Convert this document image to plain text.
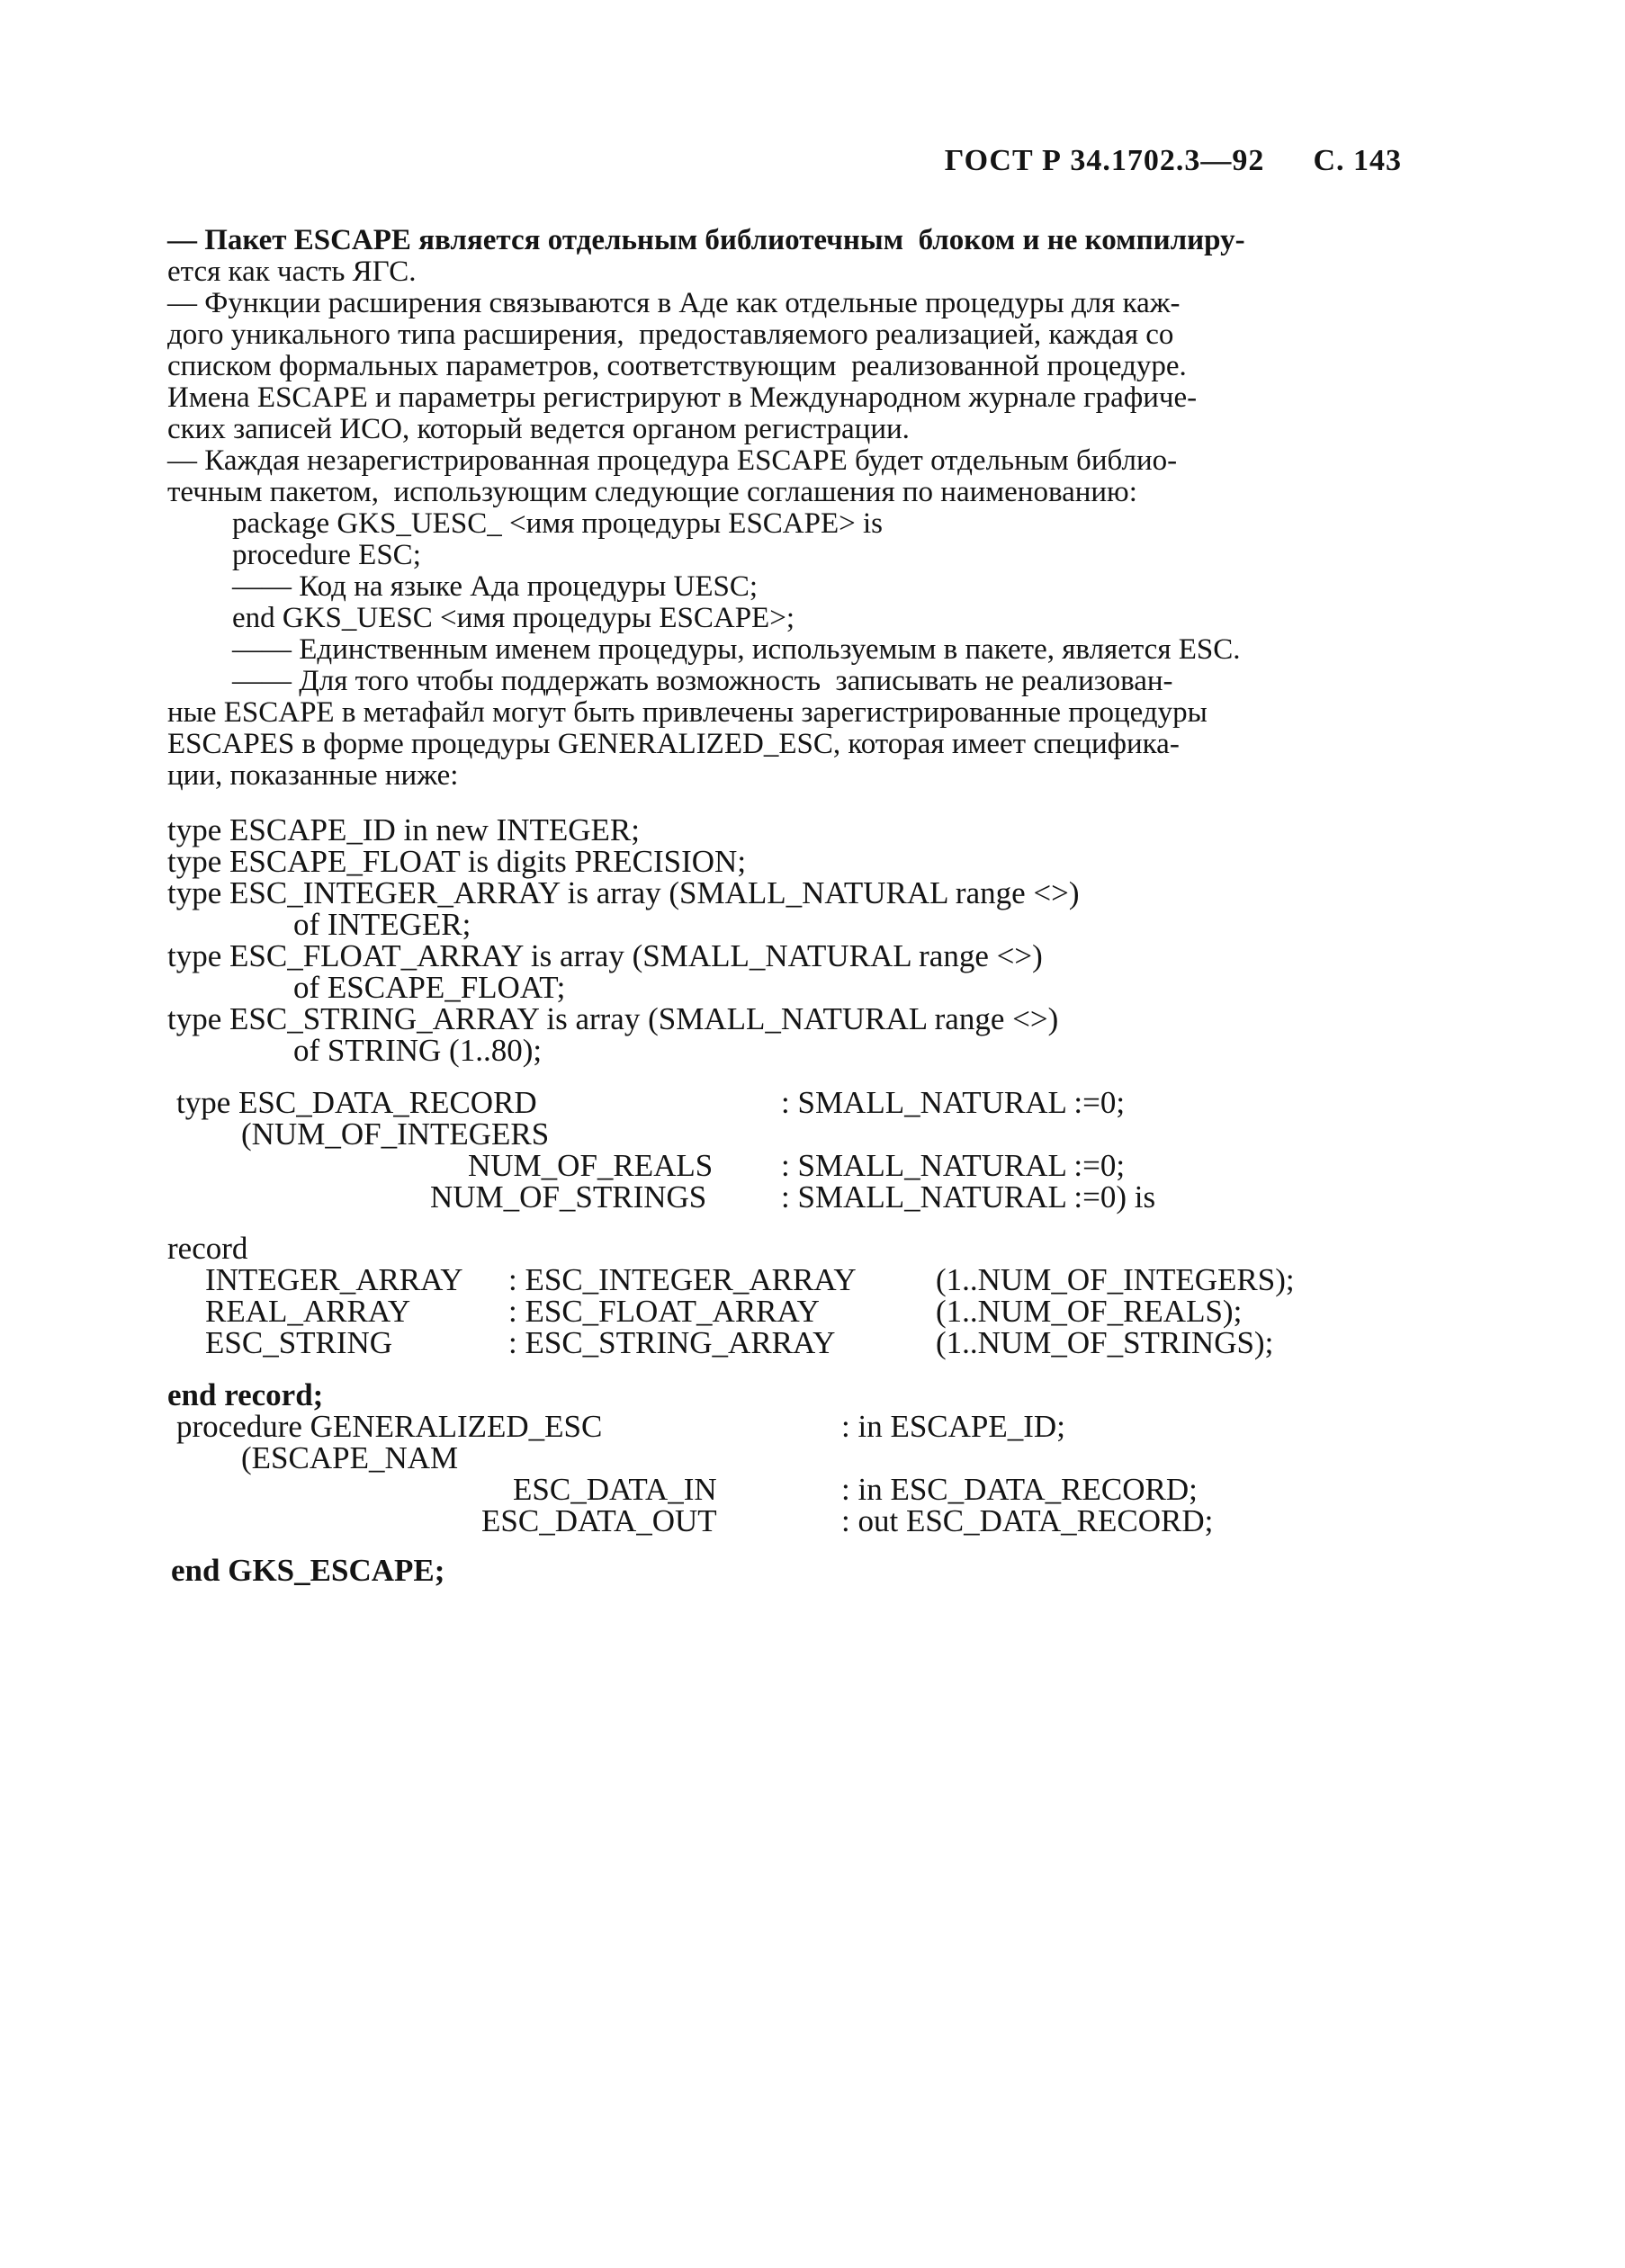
ГОСТ Р 34.1702.3—92 С. 143
— Пакет ESCAPE является отдельным библиотечным  блоком и не компилиру-
ется как часть ЯГС.
— Функции расширения связываются в Аде как отдельные процедуры для каж-
дого уникального типа расширения,  предоставляемого реализацией, каждая со
списком формальных параметров, соответствующим  реализованной процедуре.
Имена ESCAPE и параметры регистрируют в Международном журнале графиче-
ских записей ИСО, который ведется органом регистрации.
— Каждая незарегистрированная процедура ESCAPE будет отдельным библио-
течным пакетом,  использующим следующие соглашения по наименованию:
package GKS_UESC_ <имя процедуры ESCAPE> is
procedure ESC;
—— Код на языке Ада процедуры UESC;
end GKS_UESC <имя процедуры ESCAPE>;
—— Единственным именем процедуры, используемым в пакете, является ESC.
—— Для того чтобы поддержать возможность  записывать не реализован-
ные ESCAPE в метафайл могут быть привлечены зарегистрированные процедуры
ESCAPES в форме процедуры GENERALIZED_ESC, которая имеет специфика-
ции, показанные ниже:
type ESCAPE_ID in new INTEGER;
type ESCAPE_FLOAT is digits PRECISION;
type ESC_INTEGER_ARRAY is array (SMALL_NATURAL range <>)
of INTEGER;
type ESC_FLOAT_ARRAY is array (SMALL_NATURAL range <>)
of ESCAPE_FLOAT;
type ESC_STRING_ARRAY is array (SMALL_NATURAL range <>)
of STRING (1..80);
type ESC_DATA_RECORD	: SMALL_NATURAL :=0;
(NUM_OF_INTEGERS
NUM_OF_REALS : SMALL_NATURAL :=0;
NUM_OF_STRINGS : SMALL_NATURAL :=0) is
record
INTEGER_ARRAY : ESC_INTEGER_ARRAY	(1..NUM_OF_INTEGERS);
REAL_ARRAY	: ESC_FLOAT_ARRAY	(1..NUM_OF_REALS);
ESC_STRING	: ESC_STRING_ARRAY	(1..NUM_OF_STRINGS);
end record;
procedure GENERALIZED_ESC	: in ESCAPE_ID;
(ESCAPE_NAM
ESC_DATA_IN	: in ESC_DATA_RECORD;
ESC_DATA_OUT	: out ESC_DATA_RECORD;
end GKS_ESCAPE;
